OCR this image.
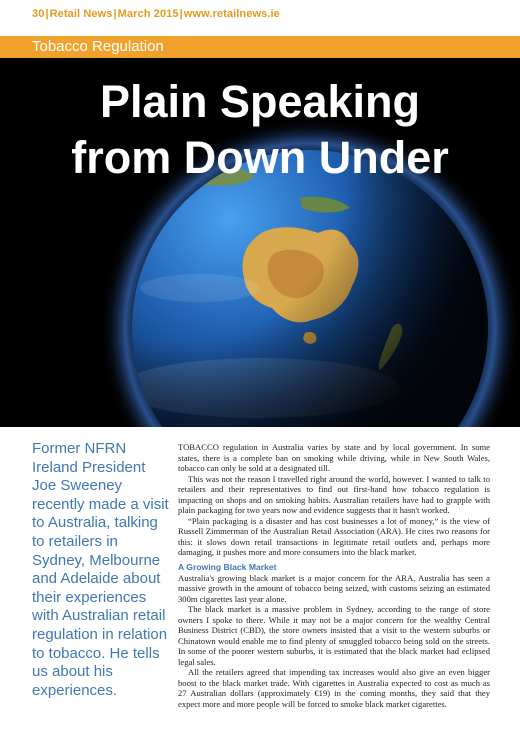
30|Retail News|March 2015|www.retailnews.ie
Tobacco Regulation
Plain Speaking
from Down Under
Former NFRN Ireland President Joe Sweeney recently made a visit to Australia, talking to retailers in Sydney, Melbourne and Adelaide about their experiences with Australian retail regulation in relation to tobacco. He tells us about his experiences.

TOBACCO regulation in Australia varies by state and by local government. In some states, there is a complete ban on smoking while driving, while in New South Wales, tobacco can only be sold at a designated till.

This was not the reason I travelled right around the world, however. I wanted to talk to retailers and their representatives to find out first-hand how tobacco regulation is impacting on shops and on smoking habits. Australian retailers have had to grapple with plain packaging for two years now and evidence suggests that it hasn't worked.

“Plain packaging is a disaster and has cost businesses a lot of money,” is the view of Russell Zimmerman of the Australian Retail Association (ARA). He cites two reasons for this: it slows down retail transactions in legitimate retail outlets and, perhaps more damaging, it pushes more and more consumers into the black market.

A Growing Black Market

Australia's growing black market is a major concern for the ARA. Australia has seen a massive growth in the amount of tobacco being seized, with customs seizing an estimated 300m cigarettes last year alone.

The black market is a massive problem in Sydney, according to the range of store owners I spoke to there. While it may not be a major concern for the wealthy Central Business District (CBD), the store owners insisted that a visit to the western suburbs or Chinatown would enable me to find plenty of smuggled tobacco being sold on the streets. In some of the poorer western suburbs, it is estimated that the black market had eclipsed legal sales.

All the retailers agreed that impending tax increases would also give an even bigger boost to the black market trade. With cigarettes in Australia expected to cost as much as 27 Australian dollars (approximately €19) in the coming months, they said that they expect more and more people will be forced to smoke black market cigarettes.
